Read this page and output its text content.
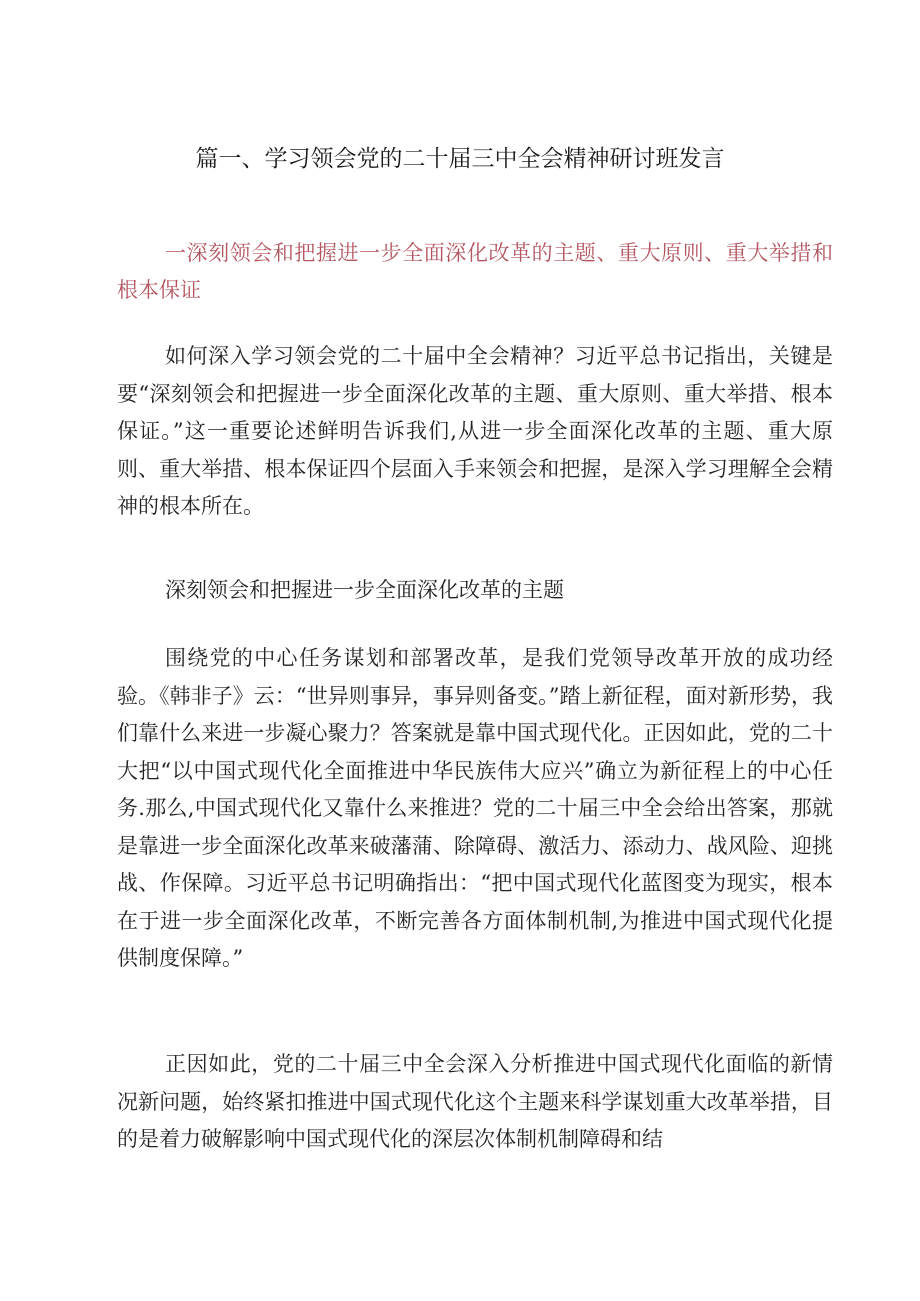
篇一、学习领会党的二十届三中全会精神研讨班发言

一深刻领会和把握进一步全面深化改革的主题、重大原则、重大举措和根本保证

如何深入学习领会党的二十届中全会精神？习近平总书记指出，关键是要“深刻领会和把握进一步全面深化改革的主题、重大原则、重大举措、根本保证。”这一重要论述鲜明告诉我们,从进一步全面深化改革的主题、重大原则、重大举措、根本保证四个层面入手来领会和把握，是深入学习理解全会精神的根本所在。

深刻领会和把握进一步全面深化改革的主题

围绕党的中心任务谋划和部署改革，是我们党领导改革开放的成功经验。《韩非子》云：“世异则事异，事异则备变。”踏上新征程，面对新形势，我们靠什么来进一步凝心聚力？答案就是靠中国式现代化。正因如此，党的二十大把“以中国式现代化全面推进中华民族伟大应兴”确立为新征程上的中心任务.那么,中国式现代化又靠什么来推进？党的二十届三中全会给出答案，那就是靠进一步全面深化改革来破藩蒲、除障碍、激活力、添动力、战风险、迎挑战、作保障。习近平总书记明确指出：“把中国式现代化蓝图变为现实，根本在于进一步全面深化改革，不断完善各方面体制机制,为推进中国式现代化提供制度保障。”

正因如此，党的二十届三中全会深入分析推进中国式现代化面临的新情况新问题，始终紧扣推进中国式现代化这个主题来科学谋划重大改革举措，目的是着力破解影响中国式现代化的深层次体制机制障碍和结
